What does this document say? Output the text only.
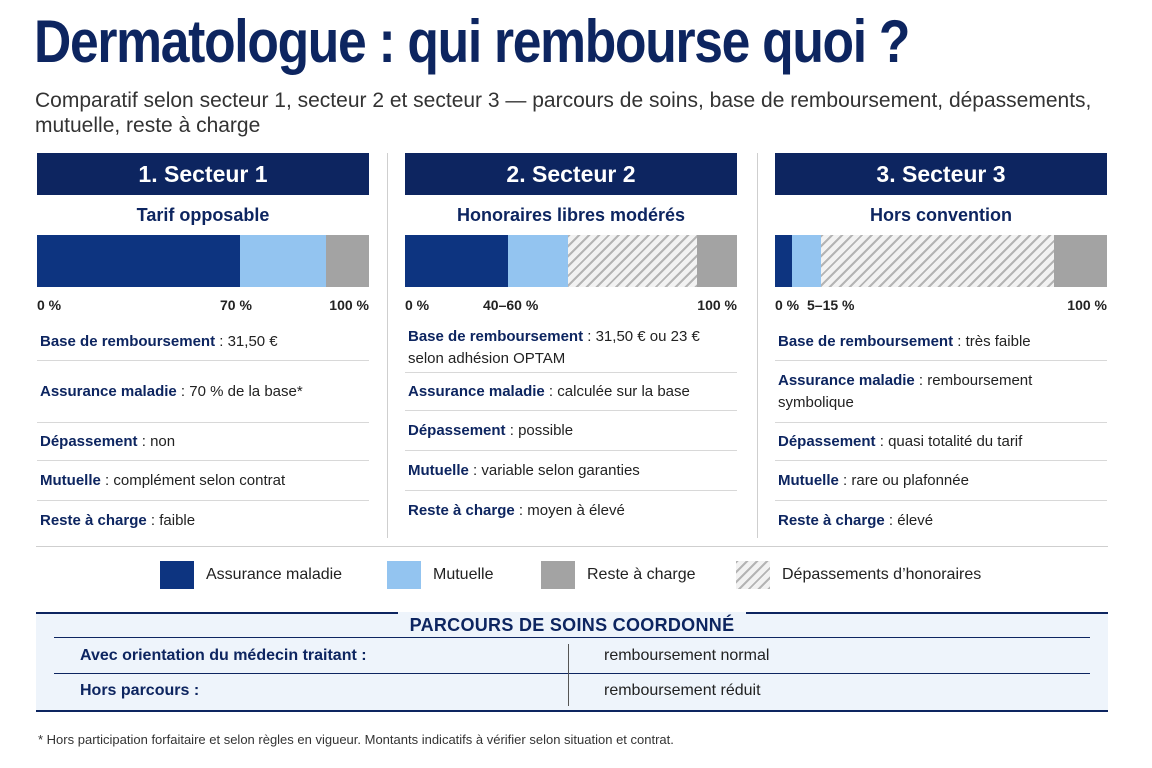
Dermatologue : qui rembourse quoi ?
Comparatif selon secteur 1, secteur 2 et secteur 3 — parcours de soins, base de remboursement, dépassements, mutuelle, reste à charge
1. Secteur 1
Tarif opposable
0 %	70 %	100 %
Base de remboursement : 31,50 €
Assurance maladie : 70 % de la base*
Dépassement : non
Mutuelle : complément selon contrat
Reste à charge : faible
2. Secteur 2
Honoraires libres modérés
0 %	40–60 %	100 %
Base de remboursement : 31,50 € ou 23 € selon adhésion OPTAM
Assurance maladie : calculée sur la base
Dépassement : possible
Mutuelle : variable selon garanties
Reste à charge : moyen à élevé
3. Secteur 3
Hors convention
0 % 5–15 %	100 %
Base de remboursement : très faible
Assurance maladie : remboursement symbolique
Dépassement : quasi totalité du tarif
Mutuelle : rare ou plafonnée
Reste à charge : élevé
Assurance maladie	Mutuelle	Reste à charge	Dépassements d’honoraires
PARCOURS DE SOINS COORDONNÉ
Avec orientation du médecin traitant :	remboursement normal
Hors parcours :	remboursement réduit
* Hors participation forfaitaire et selon règles en vigueur. Montants indicatifs à vérifier selon situation et contrat.
